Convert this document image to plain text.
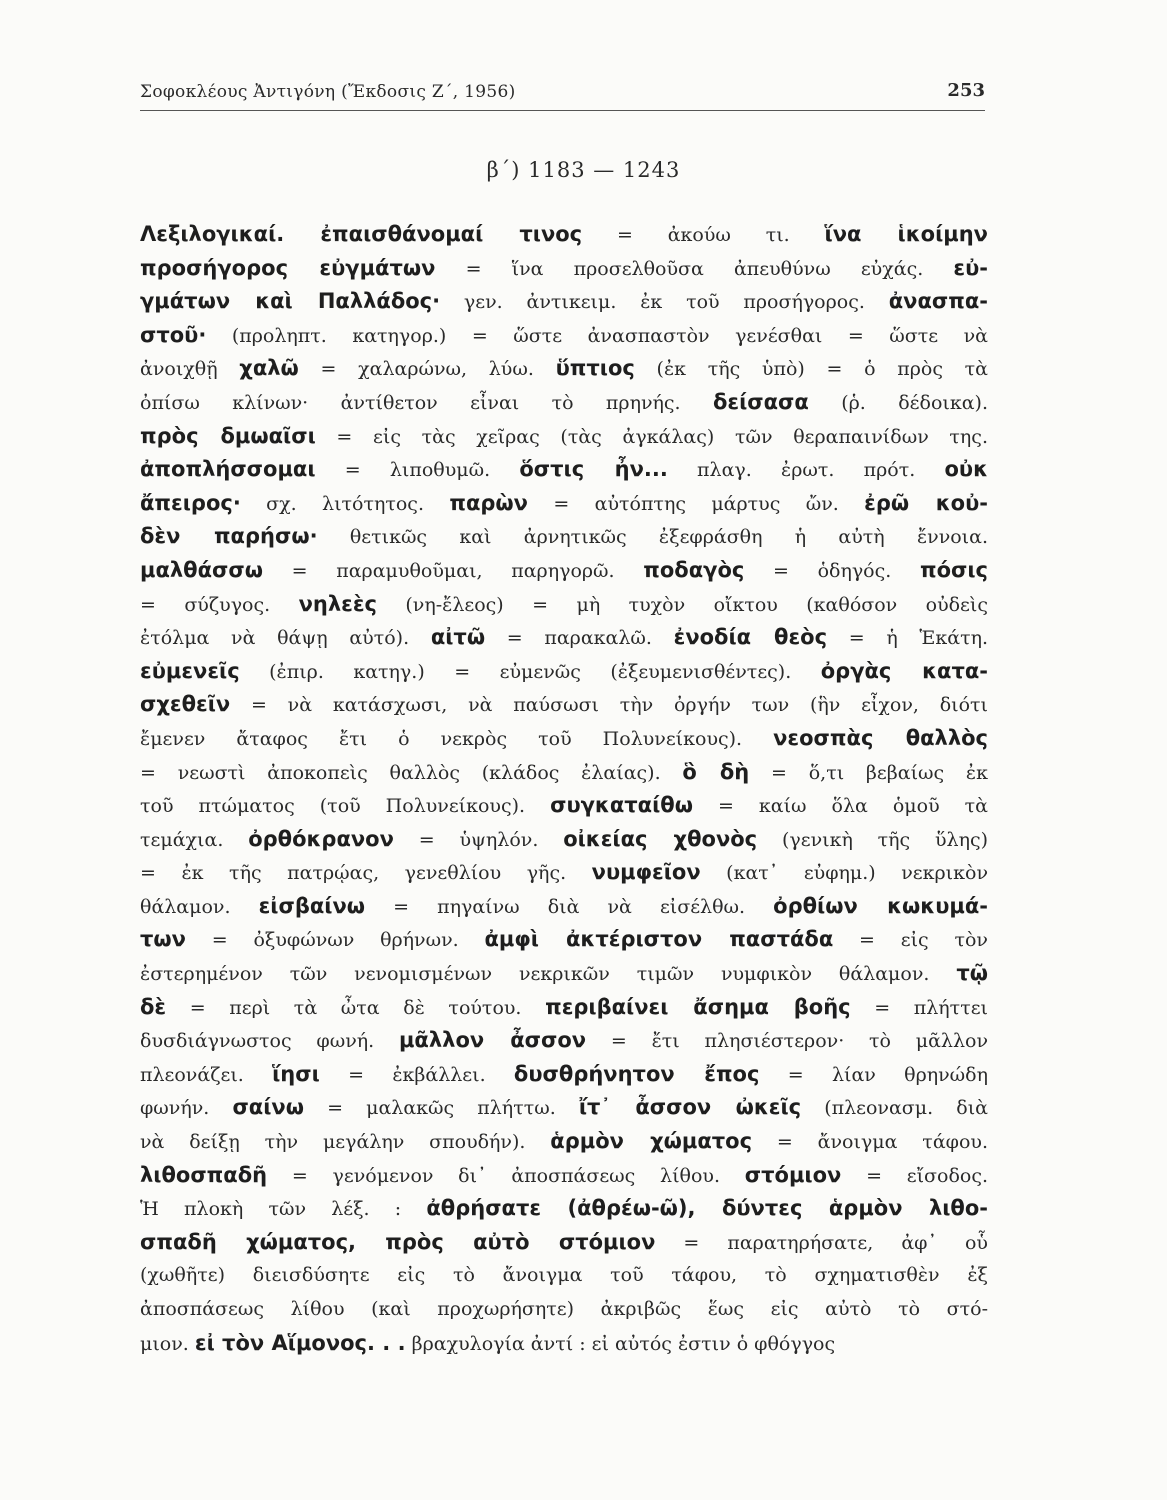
Σοφοκλέους Ἀντιγόνη (Ἔκδοσις Ζ΄, 1956)	253
β΄) 1183 — 1243
Λεξιλογικαί. ἐπαισθάνομαί τινος = ἀκούω τι. ἵνα ἱκοίμην
προσήγορος εὐγμάτων = ἵνα προσελθοῦσα ἀπευθύνω εὐχάς. εὐ-
γμάτων καὶ Παλλάδος· γεν. ἀντικειμ. ἐκ τοῦ προσήγορος. ἀνασπα-
στοῦ· (προληπτ. κατηγορ.) = ὥστε ἀνασπαστὸν γενέσθαι = ὥστε νὰ
ἀνοιχθῇ χαλῶ = χαλαρώνω, λύω. ὕπτιος (ἐκ τῆς ὑπὸ) = ὁ πρὸς τὰ
ὀπίσω κλίνων· ἀντίθετον εἶναι τὸ πρηνής. δείσασα (ῥ. δέδοικα).
πρὸς δμωαῖσι = εἰς τὰς χεῖρας (τὰς ἀγκάλας) τῶν θεραπαινίδων της.
ἀποπλήσσομαι = λιποθυμῶ. ὅστις ἦν... πλαγ. ἐρωτ. πρότ. οὐκ
ἄπειρος· σχ. λιτότητος. παρὼν = αὐτόπτης μάρτυς ὤν. ἐρῶ κοὐ-
δὲν παρήσω· θετικῶς καὶ ἀρνητικῶς ἐξεφράσθη ἡ αὐτὴ ἔννοια.
μαλθάσσω = παραμυθοῦμαι, παρηγορῶ. ποδαγὸς = ὁδηγός. πόσις
= σύζυγος. νηλεὲς (νη-ἔλεος) = μὴ τυχὸν οἴκτου (καθόσον οὐδεὶς
ἐτόλμα νὰ θάψῃ αὐτό). αἰτῶ = παρακαλῶ. ἐνοδία θεὸς = ἡ Ἑκάτη.
εὐμενεῖς (ἐπιρ. κατηγ.) = εὐμενῶς (ἐξευμενισθέντες). ὀργὰς κατα-
σχεθεῖν = νὰ κατάσχωσι, νὰ παύσωσι τὴν ὀργήν των (ἣν εἶχον, διότι
ἔμενεν ἄταφος ἔτι ὁ νεκρὸς τοῦ Πολυνείκους). νεοσπὰς θαλλὸς
= νεωστὶ ἀποκοπεὶς θαλλὸς (κλάδος ἐλαίας). ὃ δὴ = ὅ,τι βεβαίως ἐκ
τοῦ πτώματος (τοῦ Πολυνείκους). συγκαταίθω = καίω ὅλα ὁμοῦ τὰ
τεμάχια. ὀρθόκρανον = ὑψηλόν. οἰκείας χθονὸς (γενικὴ τῆς ὕλης)
= ἐκ τῆς πατρῴας, γενεθλίου γῆς. νυμφεῖον (κατ᾽ εὐφημ.) νεκρικὸν
θάλαμον. εἰσβαίνω = πηγαίνω διὰ νὰ εἰσέλθω. ὀρθίων κωκυμά-
των = ὀξυφώνων θρήνων. ἀμφὶ ἀκτέριστον παστάδα = εἰς τὸν
ἐστερημένον τῶν νενομισμένων νεκρικῶν τιμῶν νυμφικὸν θάλαμον. τῷ
δὲ = περὶ τὰ ὦτα δὲ τούτου. περιβαίνει ἄσημα βοῆς = πλήττει
δυσδιάγνωστος φωνή. μᾶλλον ἆσσον = ἔτι πλησιέστερον· τὸ μᾶλλον
πλεονάζει. ἵησι = ἐκβάλλει. δυσθρήνητον ἔπος = λίαν θρηνώδη
φωνήν. σαίνω = μαλακῶς πλήττω. ἴτ᾽ ἆσσον ὠκεῖς (πλεονασμ. διὰ
νὰ δείξῃ τὴν μεγάλην σπουδήν). ἁρμὸν χώματος = ἄνοιγμα τάφου.
λιθοσπαδῆ = γενόμενον δι᾽ ἀποσπάσεως λίθου. στόμιον = εἴσοδος.
Ἡ πλοκὴ τῶν λέξ. : ἀθρήσατε (ἀθρέω-ῶ), δύντες ἁρμὸν λιθο-
σπαδῆ χώματος, πρὸς αὐτὸ στόμιον = παρατηρήσατε, ἀφ᾽ οὗ
(χωθῆτε) διεισδύσητε εἰς τὸ ἄνοιγμα τοῦ τάφου, τὸ σχηματισθὲν ἐξ
ἀποσπάσεως λίθου (καὶ προχωρήσητε) ἀκριβῶς ἕως εἰς αὐτὸ τὸ στό-
μιον. εἰ τὸν Αἵμονος. . . βραχυλογία ἀντί : εἰ αὐτός ἐστιν ὁ φθόγγος
